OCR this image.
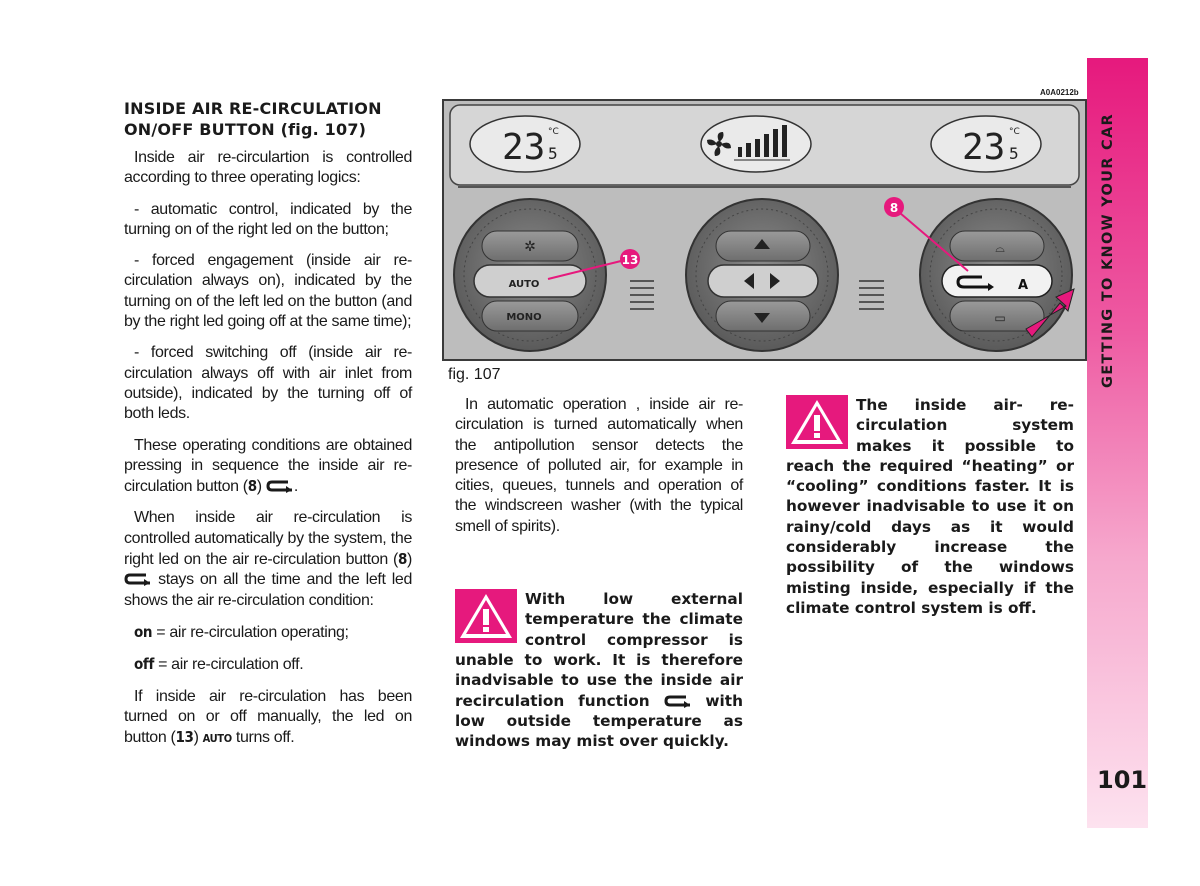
INSIDE AIR RE-CIRCULATION
ON/OFF BUTTON (fig. 107)

Inside air re-circulartion is controlled according to three operating logics:

- automatic control, indicated by the turning on of the right led on the button;

- forced engagement (inside air re-circulation always on), indicated by the turning on of the left led on the button (and by the right led going off at the same time);

- forced switching off (inside air re-circulation always off with air inlet from outside), indicated by the turning off of both leds.

These operating conditions are obtained pressing in sequence the inside air re-circulation button (8) .

When inside air re-circulation is controlled automatically by the system, the right led on the air re-circulation button (8)  stays on all the time and the left led shows the air re-circulation condition:

on = air re-circulation operating;

off = air re-circulation off.

If inside air re-circulation has been turned on or off manually, the led on button (13) AUTO turns off.

A0A0212b
23 5
°C	23 5
°C
✲
AUTO
MONO
⌓
A
▭
13
8
fig. 107

In automatic operation , inside air re-circulation is turned automatically when the antipollution sensor detects the presence of polluted air, for example in cities, queues, tunnels and operation of the windscreen washer (with the typical smell of spirits).

With low external temperature the climate control compressor is unable to work. It is therefore inadvisable to use the inside air recirculation function	with low outside temperature as windows may mist over quickly.
The inside air- re-circulation system makes it possible to reach the required “heating” or “cooling” conditions faster. It is however inadvisable to use it on rainy/cold days as it would considerably increase the possibility of the windows misting inside, especially if the climate control system is off.
GETTING TO KNOW YOUR CAR
101
